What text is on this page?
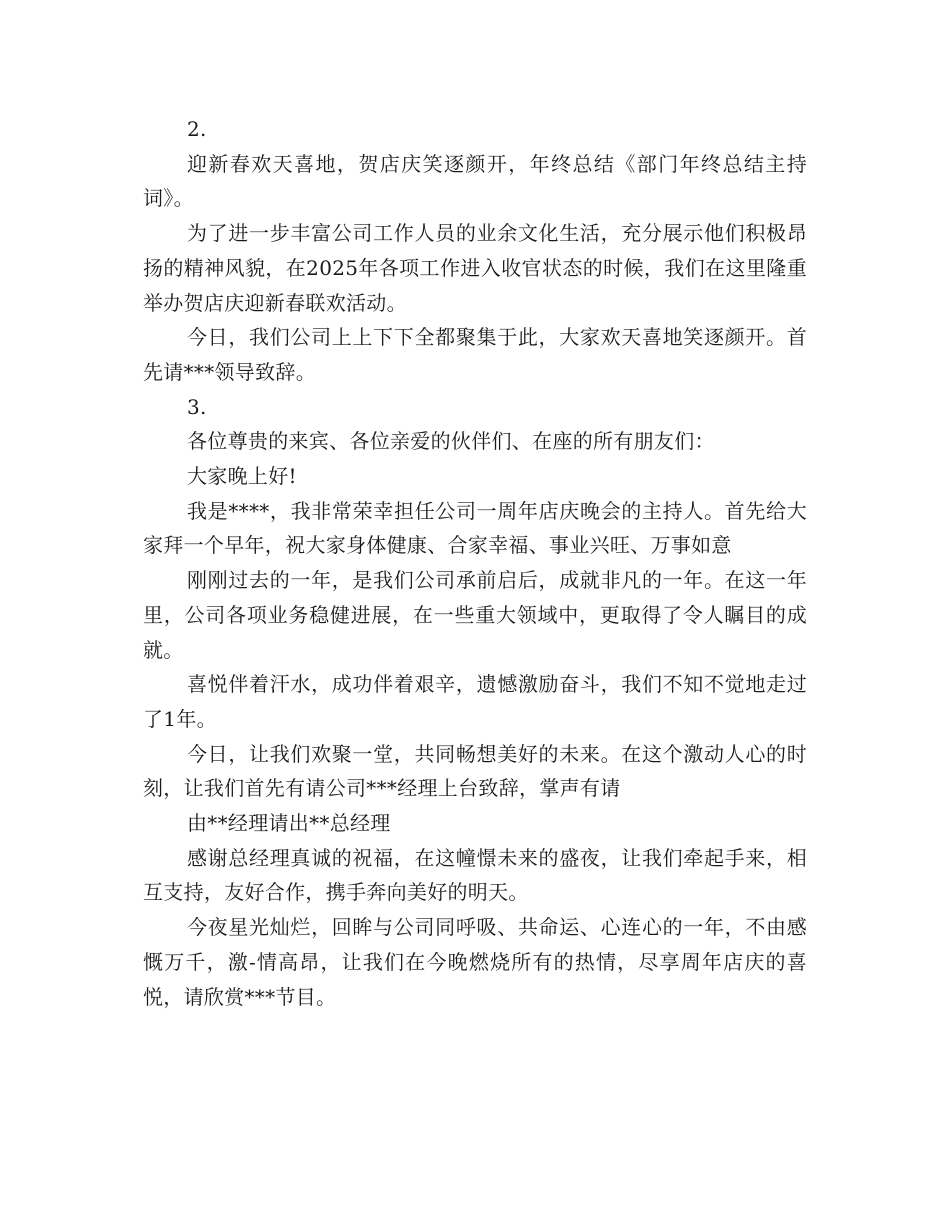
2.

迎新春欢天喜地，贺店庆笑逐颜开，年终总结《部门年终总结主持词》。

为了进一步丰富公司工作人员的业余文化生活，充分展示他们积极昂扬的精神风貌，在2025年各项工作进入收官状态的时候，我们在这里隆重举办贺店庆迎新春联欢活动。

今日，我们公司上上下下全都聚集于此，大家欢天喜地笑逐颜开。首先请***领导致辞。

3.

各位尊贵的来宾、各位亲爱的伙伴们、在座的所有朋友们：

大家晚上好!

我是****，我非常荣幸担任公司一周年店庆晚会的主持人。首先给大家拜一个早年，祝大家身体健康、合家幸福、事业兴旺、万事如意

刚刚过去的一年，是我们公司承前启后，成就非凡的一年。在这一年里，公司各项业务稳健进展，在一些重大领域中，更取得了令人瞩目的成就。

喜悦伴着汗水，成功伴着艰辛，遗憾激励奋斗，我们不知不觉地走过了1年。

今日，让我们欢聚一堂，共同畅想美好的未来。在这个激动人心的时刻，让我们首先有请公司***经理上台致辞，掌声有请

由**经理请出**总经理

感谢总经理真诚的祝福，在这幢憬未来的盛夜，让我们牵起手来，相互支持，友好合作，携手奔向美好的明天。

今夜星光灿烂，回眸与公司同呼吸、共命运、心连心的一年，不由感慨万千，激-情高昂，让我们在今晚燃烧所有的热情，尽享周年店庆的喜悦，请欣赏***节目。
